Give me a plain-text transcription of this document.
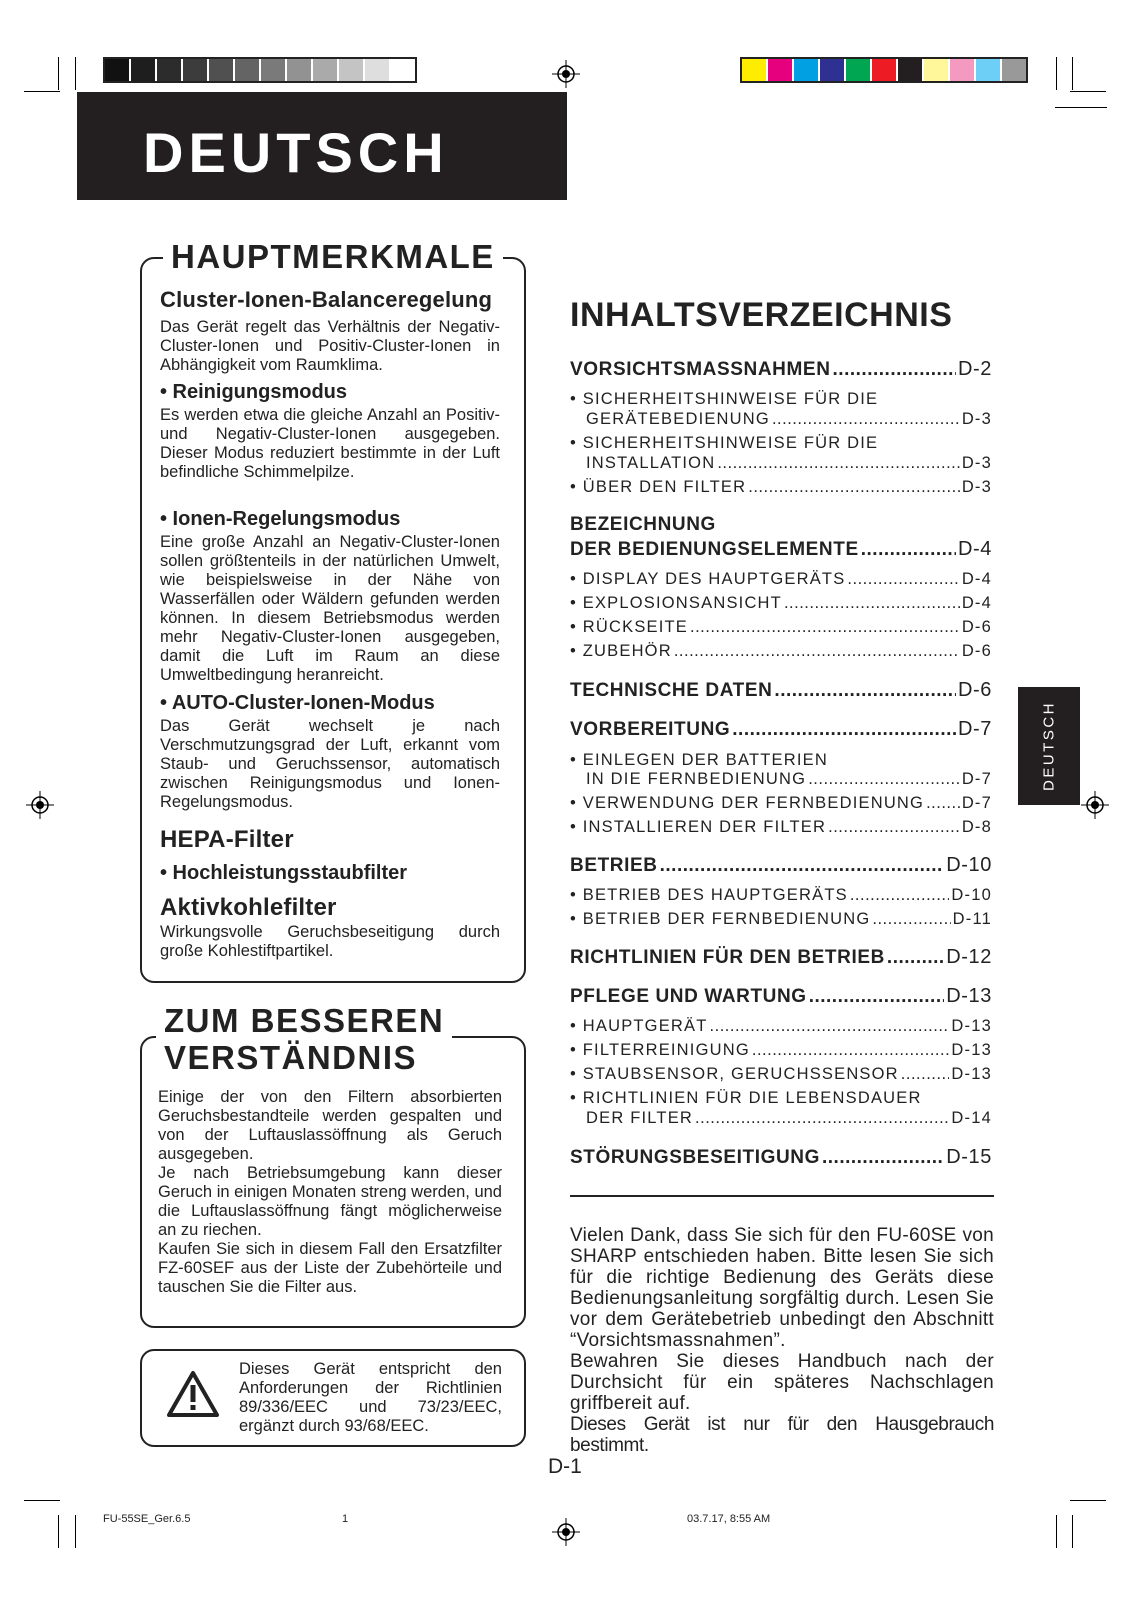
DEUTSCH
HAUPTMERKMALE
Cluster-Ionen-Balanceregelung
Das Gerät regelt das Verhältnis der Negativ-Cluster-Ionen und Positiv-Cluster-Ionen in Abhängigkeit vom Raumklima.
• Reinigungsmodus
Es werden etwa die gleiche Anzahl an Positiv- und Negativ-Cluster-Ionen ausgegeben. Dieser Modus reduziert bestimmte in der Luft befindliche Schimmelpilze.
• Ionen-Regelungsmodus
Eine große Anzahl an Negativ-Cluster-Ionen sollen größtenteils in der natürlichen Umwelt, wie beispielsweise in der Nähe von Wasserfällen oder Wäldern gefunden werden können. In diesem Betriebsmodus werden mehr Negativ-Cluster-Ionen ausgegeben, damit die Luft im Raum an diese Umweltbedingung heranreicht.
• AUTO-Cluster-Ionen-Modus
Das Gerät wechselt je nach Verschmutzungsgrad der Luft, erkannt vom Staub- und Geruchssensor, automatisch zwischen Reinigungsmodus und Ionen-Regelungsmodus.
HEPA-Filter
• Hochleistungsstaubfilter
Aktivkohlefilter
Wirkungsvolle Geruchsbeseitigung durch große Kohlestiftpartikel.
ZUM BESSEREN
VERSTÄNDNIS
Einige der von den Filtern absorbierten Geruchsbestandteile werden gespalten und von der Luftauslassöffnung als Geruch ausgegeben.
Je nach Betriebsumgebung kann dieser Geruch in einigen Monaten streng werden, und die Luftauslassöffnung fängt möglicherweise an zu riechen.
Kaufen Sie sich in diesem Fall den Ersatzfilter FZ-60SEF aus der Liste der Zubehörteile und tauschen Sie die Filter aus.
Dieses Gerät entspricht den Anforderungen der Richtlinien 89/336/EEC und 73/23/EEC, ergänzt durch 93/68/EEC.
INHALTSVERZEICHNIS
VORSICHTSMASSNAHMEN .....	D-2
• SICHERHEITSHINWEISE FÜR DIE
GERÄTEBEDIENUNG .....	D-3
• SICHERHEITSHINWEISE FÜR DIE
INSTALLATION .....	D-3
• ÜBER DEN FILTER .....	D-3
BEZEICHNUNG
DER BEDIENUNGSELEMENTE .....	D-4
• DISPLAY DES HAUPTGERÄTS .....	D-4
• EXPLOSIONSANSICHT .....	D-4
• RÜCKSEITE .....	D-6
• ZUBEHÖR .....	D-6
TECHNISCHE DATEN .....	D-6
VORBEREITUNG .....	D-7
• EINLEGEN DER BATTERIEN
IN DIE FERNBEDIENUNG .....	D-7
• VERWENDUNG DER FERNBEDIENUNG ..... D-7
• INSTALLIEREN DER FILTER .....	D-8
BETRIEB .....	D-10
• BETRIEB DES HAUPTGERÄTS .....	D-10
• BETRIEB DER FERNBEDIENUNG .....	D-11
RICHTLINIEN FÜR DEN BETRIEB .....	D-12
PFLEGE UND WARTUNG .....	D-13
• HAUPTGERÄT .....	D-13
• FILTERREINIGUNG .....	D-13
• STAUBSENSOR, GERUCHSSENSOR .....	D-13
• RICHTLINIEN FÜR DIE LEBENSDAUER
DER FILTER .....	D-14
STÖRUNGSBESEITIGUNG .....	D-15
Vielen Dank, dass Sie sich für den FU-60SE von SHARP entschieden haben. Bitte lesen Sie sich für die richtige Bedienung des Geräts diese Bedienungsanleitung sorgfältig durch. Lesen Sie vor dem Gerätebetrieb unbedingt den Abschnitt “Vorsichtsmassnahmen”.
Bewahren Sie dieses Handbuch nach der Durchsicht für ein späteres Nachschlagen griffbereit auf.
Dieses Gerät ist nur für den Hausgebrauch bestimmt.
DEUTSCH
D-1
FU-55SE_Ger.6.5	1	03.7.17, 8:55 AM
